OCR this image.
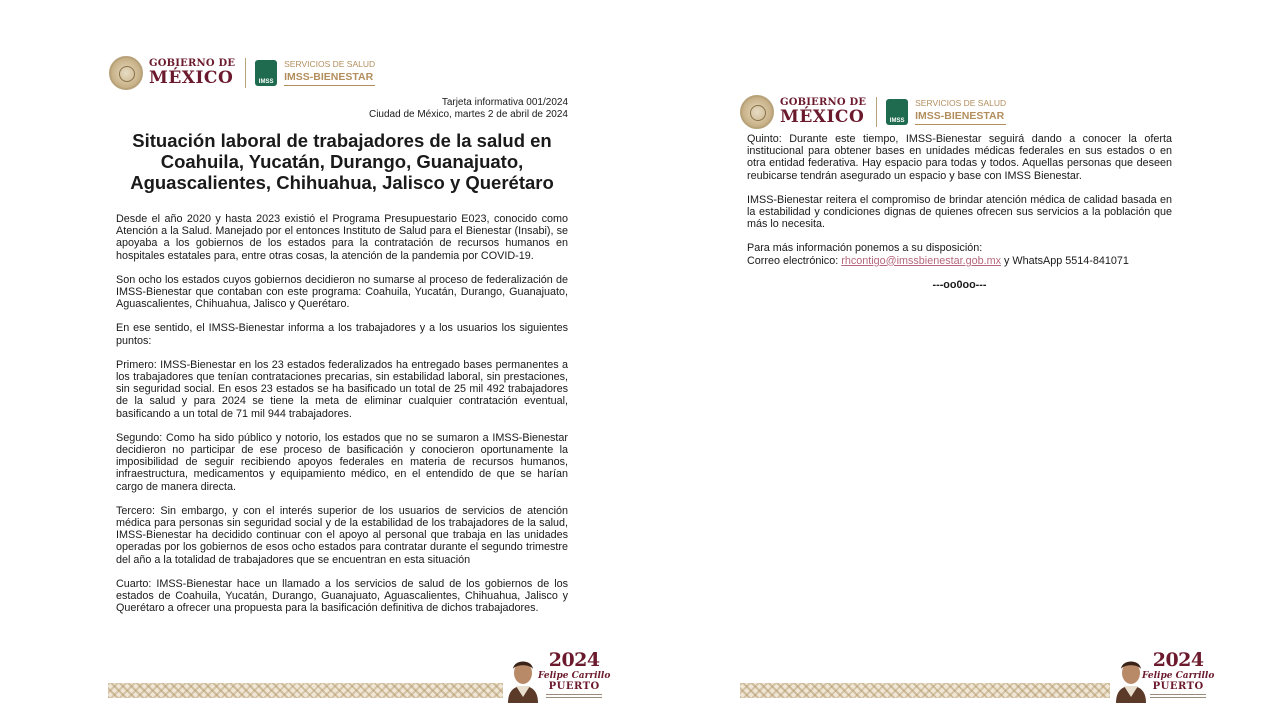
GOBIERNO DE
MÉXICO	IMSS
SERVICIOS DE SALUD
IMSS-BIENESTAR
Tarjeta informativa 001/2024
Ciudad de México, martes 2 de abril de 2024
Situación laboral de trabajadores de la salud en Coahuila, Yucatán, Durango, Guanajuato, Aguascalientes, Chihuahua, Jalisco y Querétaro

Desde el año 2020 y hasta 2023 existió el Programa Presupuestario E023, conocido como Atención a la Salud. Manejado por el entonces Instituto de Salud para el Bienestar (Insabi), se apoyaba a los gobiernos de los estados para la contratación de recursos humanos en hospitales estatales para, entre otras cosas, la atención de la pandemia por COVID-19.

Son ocho los estados cuyos gobiernos decidieron no sumarse al proceso de federalización de IMSS-Bienestar que contaban con este programa: Coahuila, Yucatán, Durango, Guanajuato, Aguascalientes, Chihuahua, Jalisco y Querétaro.

En ese sentido, el IMSS-Bienestar informa a los trabajadores y a los usuarios los siguientes puntos:

Primero: IMSS-Bienestar en los 23 estados federalizados ha entregado bases permanentes a los trabajadores que tenían contrataciones precarias, sin estabilidad laboral, sin prestaciones, sin seguridad social. En esos 23 estados se ha basificado un total de 25 mil 492 trabajadores de la salud y para 2024 se tiene la meta de eliminar cualquier contratación eventual, basificando a un total de 71 mil 944 trabajadores.

Segundo: Como ha sido público y notorio, los estados que no se sumaron a IMSS-Bienestar decidieron no participar de ese proceso de basificación y conocieron oportunamente la imposibilidad de seguir recibiendo apoyos federales en materia de recursos humanos, infraestructura, medicamentos y equipamiento médico, en el entendido de que se harían cargo de manera directa.

Tercero: Sin embargo, y con el interés superior de los usuarios de servicios de atención médica para personas sin seguridad social y de la estabilidad de los trabajadores de la salud, IMSS-Bienestar ha decidido continuar con el apoyo al personal que trabaja en las unidades operadas por los gobiernos de esos ocho estados para contratar durante el segundo trimestre del año a la totalidad de trabajadores que se encuentran en esta situación

Cuarto: IMSS-Bienestar hace un llamado a los servicios de salud de los gobiernos de los estados de Coahuila, Yucatán, Durango, Guanajuato, Aguascalientes, Chihuahua, Jalisco y Querétaro a ofrecer una propuesta para la basificación definitiva de dichos trabajadores.

2024
Felipe Carrillo
PUERTO
GOBIERNO DE
MÉXICO	IMSS
SERVICIOS DE SALUD
IMSS-BIENESTAR

Quinto: Durante este tiempo, IMSS-Bienestar seguirá dando a conocer la oferta institucional para obtener bases en unidades médicas federales en sus estados o en otra entidad federativa. Hay espacio para todas y todos. Aquellas personas que deseen reubicarse tendrán asegurado un espacio y base con IMSS Bienestar.

IMSS-Bienestar reitera el compromiso de brindar atención médica de calidad basada en la estabilidad y condiciones dignas de quienes ofrecen sus servicios a la población que más lo necesita.

Para más información ponemos a su disposición:
Correo electrónico: rhcontigo@imssbienestar.gob.mx y WhatsApp 5514-841071

---oo0oo---
2024
Felipe Carrillo
PUERTO
